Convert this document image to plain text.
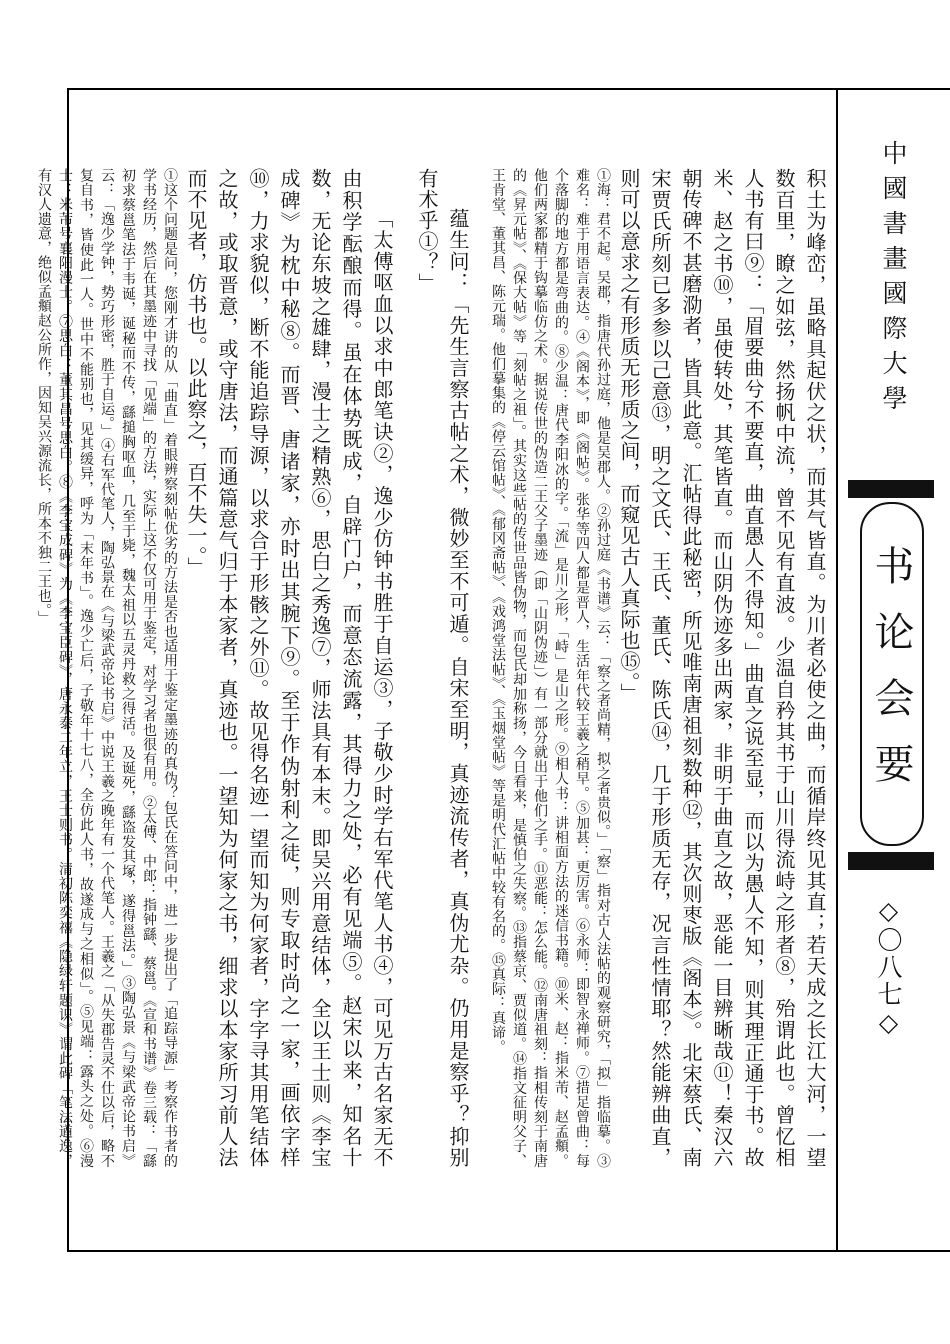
中國書畫國際大學
书论会要
◇〇八七◇

积土为峰峦，虽略具起伏之状，而其气皆直。为川者必使之曲，而循岸终见其直；若天成之长江大河，一望数百里，瞭之如弦，然扬帆中流，曾不见有直波。少温自矜其书于山川得流峙之形者⑧，殆谓此也。曾忆相人书有曰⑨：「眉要曲兮不要直，曲直愚人不得知。」曲直之说至显，而以为愚人不知，则其理正通于书。故米、赵之书⑩，虽使转处，其笔皆直。而山阴伪迹多出两家，非明于曲直之故，恶能一目辨晰哉⑪！秦汉六朝传碑不甚磨泐者，皆具此意。汇帖得此秘密，所见唯南唐祖刻数种⑫，其次则枣版《阁本》。北宋蔡氏、南宋贾氏所刻已多参以己意⑬，明之文氏、王氏、董氏、陈氏⑭，几于形质无存，况言性情耶？然能辨曲直，则可以意求之有形质无形质之间，而窥见古人真际也⑮。」

①海：君不起。吴郡，指唐代孙过庭，他是吴郡人。②孙过庭《书谱》云：「察之者尚精，拟之者贵似。」「察」指对古人法帖的观察研究，「拟」指临摹。③难名：难于用语言表达。④《阁本》，即《阁帖》。张华等四人都是晋人，生活年代较王羲之稍早。⑤加甚：更厉害。⑥永师：即智永禅师。⑦措足曾曲：每个落脚的地方都是弯曲的。⑧少温：唐代李阳冰的字。「流」是川之形，「峙」是山之形。⑨相人书：讲相面方法的迷信书籍。⑩米、赵：指米芾、赵孟頫。他们两家都精于钩摹临仿之术。据说传世的伪造二王父子墨迹（即「山阴伪迹」）有一部分就出于他们之手。⑪恶能：怎么能。⑫南唐祖刻：指相传刻于南唐的《昇元帖》、《保大帖》等「刻帖之祖」。其实这些帖的传世品皆伪物，而包氏却加称扬，今日看来，是慎伯之失察。⑬指蔡京、贾似道。⑭指文征明父子、王肯堂、董其昌、陈元瑞。他们摹集的《停云馆帖》、《郁冈斋帖》、《戏鸿堂法帖》、《玉烟堂帖》等是明代汇帖中较有名的。⑮真际：真谛。

蕴生问：「先生言察古帖之术，微妙至不可遁。自宋至明，真迹流传者，真伪尤杂。仍用是察乎？抑别有术乎①？」

「太傅呕血以求中郎笔诀②，逸少仿钟书胜于自运③，子敬少时学右军代笔人书④，可见万古名家无不由积学酝酿而得。虽在体势既成，自辟门户，而意态流露，其得力之处，必有见端⑤。赵宋以来，知名十数，无论东坡之雄肆，漫士之精熟⑥，思白之秀逸⑦，师法具有本末。即吴兴用意结体，全以王士则《李宝成碑》为枕中秘⑧。而晋、唐诸家，亦时出其腕下⑨。至于作伪射利之徒，则专取时尚之一家，画依字样⑩，力求貌似，断不能追踪导源，以求合于形骸之外⑪。故见得名迹一望而知为何家者，字字寻其用笔结体之故，或取晋意，或守唐法，而通篇意气归于本家者，真迹也。一望知为何家之书，细求以本家所习前人法而不见者，仿书也。以此察之，百不失一。」

①这个问题是问，您刚才讲的从「曲直」着眼辨察刻帖优劣的方法是否也适用于鉴定墨迹的真伪？包氏在答问中，进一步提出了「追踪导源」考察作书者的学书经历，然后在其墨迹中寻找「见端」的方法，实际上这不仅可用于鉴定，对学习者也很有用。②太傅、中郎：指钟繇、蔡邕。《宣和书谱》卷三载：「繇初求蔡邕笔法于韦诞，诞秘而不传，繇搥胸呕血，几至于毙，魏太祖以五灵丹救之得活。及诞死，繇盗发其塚，遂得邕法。」③陶弘景《与梁武帝论书启》云：「逸少学钟，势巧形密，胜于自运。」④右军代笔人，陶弘景在《与梁武帝论书启》中说王羲之晚年有一个代笔人。王羲之「从失郡告灵不仕以后，略不复自书，皆使此一人。世中不能别也，见其缓异，呼为「末年书」。逸少亡后，子敬年十七八，全仿此人书，故遂成与之相似」。⑤见端：露头之处。⑥漫士：米芾号襄阳漫士。⑦思白：董其昌号思白。⑧《李宝成碑》为《李宝臣碑》，唐永泰二年立，王士则书。清初陈奕禧《隐绿轩题识》谓此碑「笔法遒逸，有汉人遗意，绝似孟頫赵公所作，因知吴兴源流长，所本不独二王也。」
